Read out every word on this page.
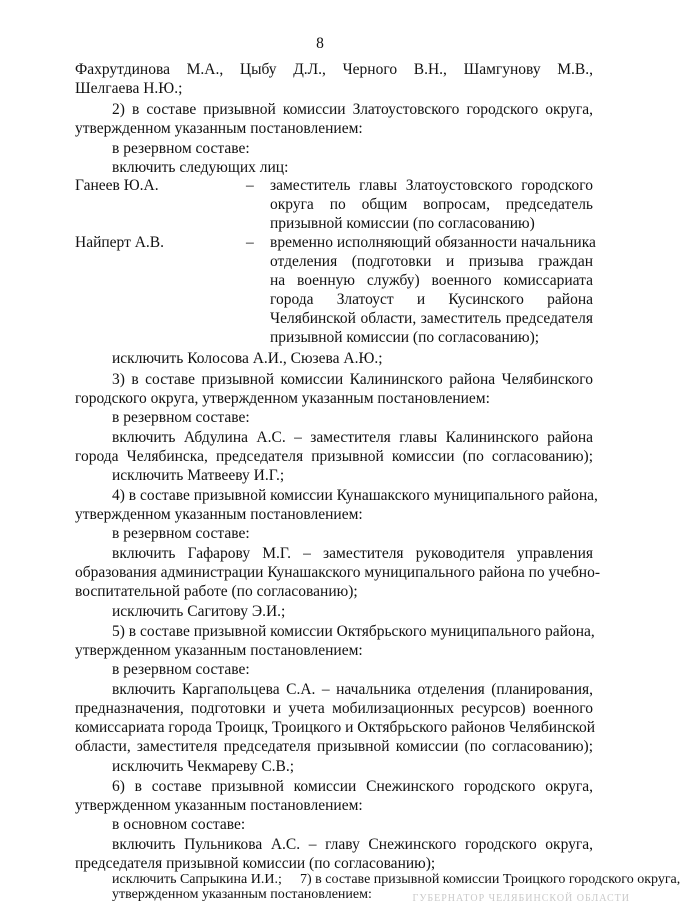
8
Фахрутдинова М.А., Цыбу Д.Л., Черного В.Н., Шамгунову М.В.,
Шелгаева Н.Ю.;
2) в составе призывной комиссии Златоустовского городского округа,
утвержденном указанным постановлением:
в резервном составе:
включить следующих лиц:
Ганеев Ю.А.	– заместитель главы Златоустовского городского
округа по общим вопросам, председатель
призывной комиссии (по согласованию)
Найперт А.В.	– временно исполняющий обязанности начальника
отделения (подготовки и призыва граждан
на военную службу) военного комиссариата
города Златоуст и Кусинского района
Челябинской области, заместитель председателя
призывной комиссии (по согласованию);
исключить Колосова А.И., Сюзева А.Ю.;
3) в составе призывной комиссии Калининского района Челябинского
городского округа, утвержденном указанным постановлением:
в резервном составе:
включить Абдулина А.С. – заместителя главы Калининского района
города Челябинска, председателя призывной комиссии (по согласованию);
исключить Матвееву И.Г.;
4) в составе призывной комиссии Кунашакского муниципального района,
утвержденном указанным постановлением:
в резервном составе:
включить Гафарову М.Г. – заместителя руководителя управления
образования администрации Кунашакского муниципального района по учебно-
воспитательной работе (по согласованию);
исключить Сагитову Э.И.;
5) в составе призывной комиссии Октябрьского муниципального района,
утвержденном указанным постановлением:
в резервном составе:
включить Каргапольцева С.А. – начальника отделения (планирования,
предназначения, подготовки и учета мобилизационных ресурсов) военного
комиссариата города Троицк, Троицкого и Октябрьского районов Челябинской
области, заместителя председателя призывной комиссии (по согласованию);
исключить Чекмареву С.В.;
6) в составе призывной комиссии Снежинского городского округа,
утвержденном указанным постановлением:
в основном составе:
включить Пульникова А.С. – главу Снежинского городского округа,
председателя призывной комиссии (по согласованию);
исключить Сапрыкина И.И.; 7) в составе призывной комиссии Троицкого городского округа,
утвержденном указанным постановлением:	ГУБЕРНАТОР ЧЕЛЯБИНСКОЙ ОБЛАСТИ
